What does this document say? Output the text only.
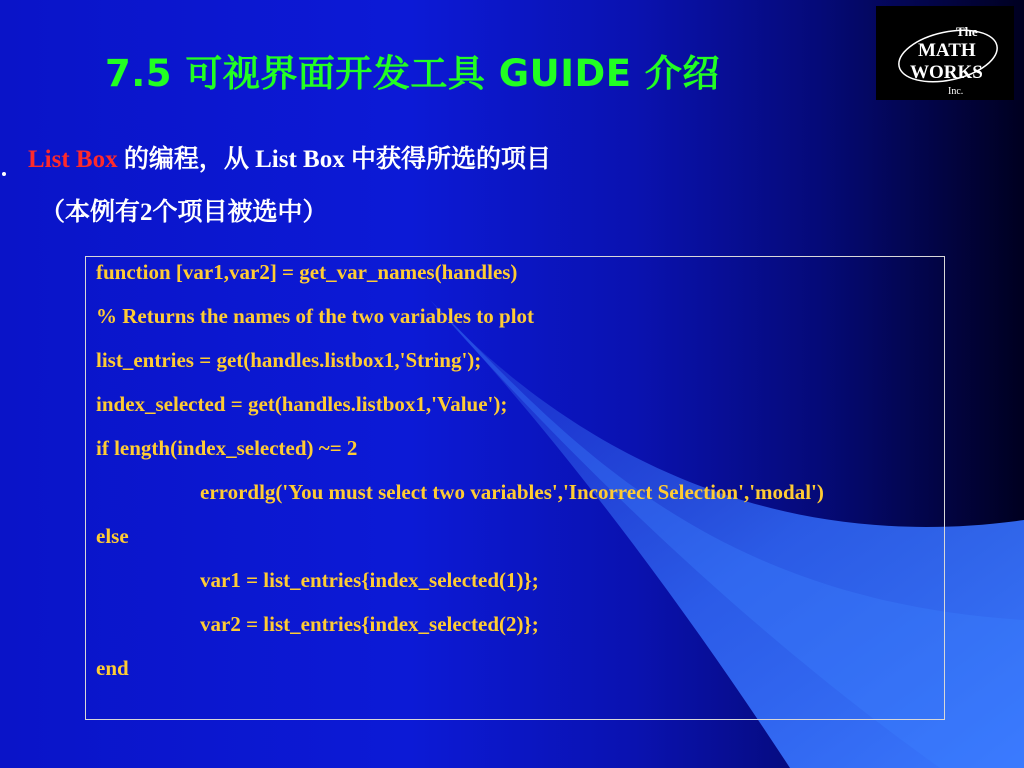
The
MATH
WORKS
Inc.
7.5 可视界面开发工具 GUIDE 介绍
List Box 的编程，从 List Box 中获得所选的项目
（本例有2个项目被选中）
function [var1,var2] = get_var_names(handles)
% Returns the names of the two variables to plot
list_entries = get(handles.listbox1,'String');
index_selected = get(handles.listbox1,'Value');
if length(index_selected) ~= 2
errordlg('You must select two variables','Incorrect Selection','modal')
else
var1 = list_entries{index_selected(1)};
var2 = list_entries{index_selected(2)};
end
